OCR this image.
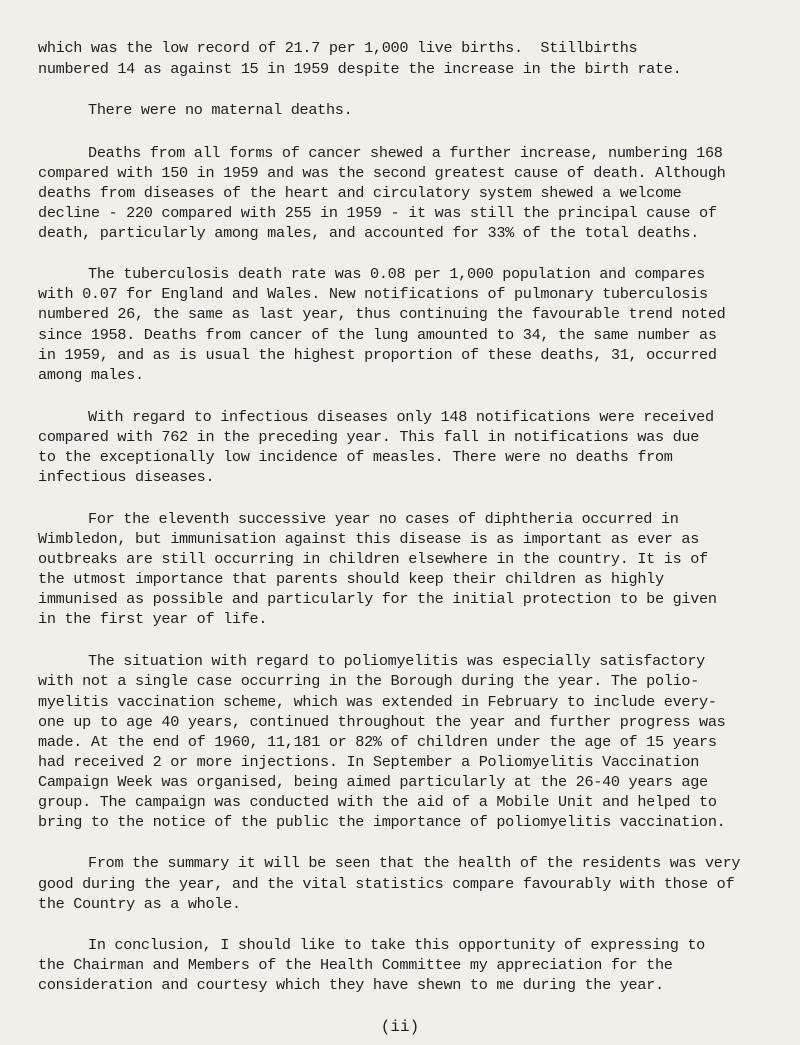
which was the low record of 21.7 per 1,000 live births.  Stillbirths
numbered 14 as against 15 in 1959 despite the increase in the birth rate.
There were no maternal deaths.
Deaths from all forms of cancer shewed a further increase, numbering 168
compared with 150 in 1959 and was the second greatest cause of death. Although
deaths from diseases of the heart and circulatory system shewed a welcome
decline - 220 compared with 255 in 1959 - it was still the principal cause of
death, particularly among males, and accounted for 33% of the total deaths.
The tuberculosis death rate was 0.08 per 1,000 population and compares
with 0.07 for England and Wales. New notifications of pulmonary tuberculosis
numbered 26, the same as last year, thus continuing the favourable trend noted
since 1958. Deaths from cancer of the lung amounted to 34, the same number as
in 1959, and as is usual the highest proportion of these deaths, 31, occurred
among males.
With regard to infectious diseases only 148 notifications were received
compared with 762 in the preceding year. This fall in notifications was due
to the exceptionally low incidence of measles. There were no deaths from
infectious diseases.
For the eleventh successive year no cases of diphtheria occurred in
Wimbledon, but immunisation against this disease is as important as ever as
outbreaks are still occurring in children elsewhere in the country. It is of
the utmost importance that parents should keep their children as highly
immunised as possible and particularly for the initial protection to be given
in the first year of life.
The situation with regard to poliomyelitis was especially satisfactory
with not a single case occurring in the Borough during the year. The polio-
myelitis vaccination scheme, which was extended in February to include every-
one up to age 40 years, continued throughout the year and further progress was
made. At the end of 1960, 11,181 or 82% of children under the age of 15 years
had received 2 or more injections. In September a Poliomyelitis Vaccination
Campaign Week was organised, being aimed particularly at the 26-40 years age
group. The campaign was conducted with the aid of a Mobile Unit and helped to
bring to the notice of the public the importance of poliomyelitis vaccination.
From the summary it will be seen that the health of the residents was very
good during the year, and the vital statistics compare favourably with those of
the Country as a whole.
In conclusion, I should like to take this opportunity of expressing to
the Chairman and Members of the Health Committee my appreciation for the
consideration and courtesy which they have shewn to me during the year.
(ii)
